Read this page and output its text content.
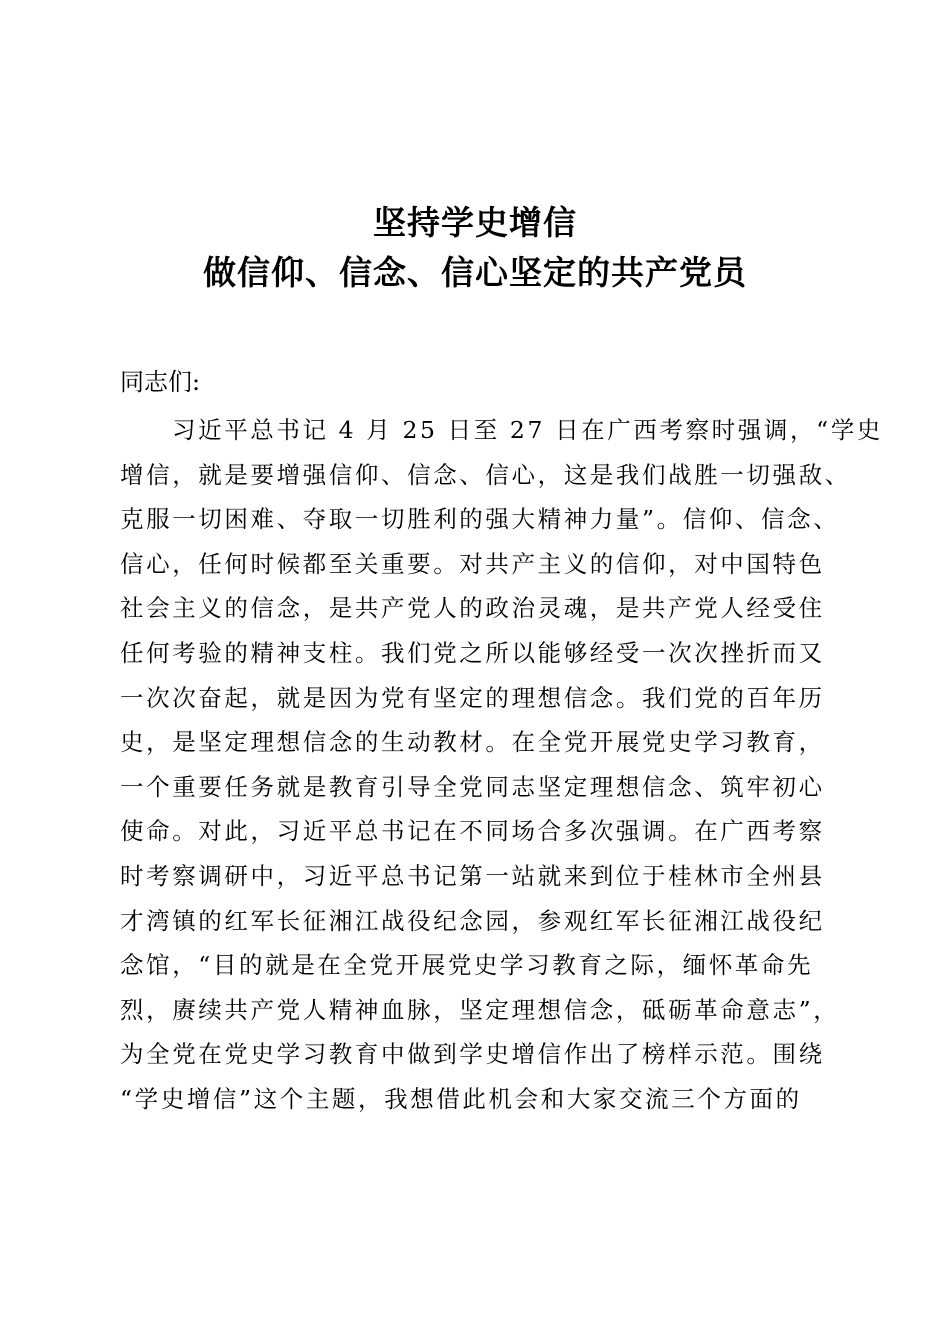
坚持学史增信
做信仰、信念、信心坚定的共产党员
同志们:
习近平总书记 4 月 25 日至 27 日在广西考察时强调，“学史
增信，就是要增强信仰、信念、信心，这是我们战胜一切强敌、
克服一切困难、夺取一切胜利的强大精神力量”。信仰、信念、
信心，任何时候都至关重要。对共产主义的信仰，对中国特色
社会主义的信念，是共产党人的政治灵魂，是共产党人经受住
任何考验的精神支柱。我们党之所以能够经受一次次挫折而又
一次次奋起，就是因为党有坚定的理想信念。我们党的百年历
史，是坚定理想信念的生动教材。在全党开展党史学习教育，
一个重要任务就是教育引导全党同志坚定理想信念、筑牢初心
使命。对此，习近平总书记在不同场合多次强调。在广西考察
时考察调研中，习近平总书记第一站就来到位于桂林市全州县
才湾镇的红军长征湘江战役纪念园，参观红军长征湘江战役纪
念馆，“目的就是在全党开展党史学习教育之际，缅怀革命先
烈，赓续共产党人精神血脉，坚定理想信念，砥砺革命意志”，
为全党在党史学习教育中做到学史增信作出了榜样示范。围绕
“学史增信”这个主题，我想借此机会和大家交流三个方面的
